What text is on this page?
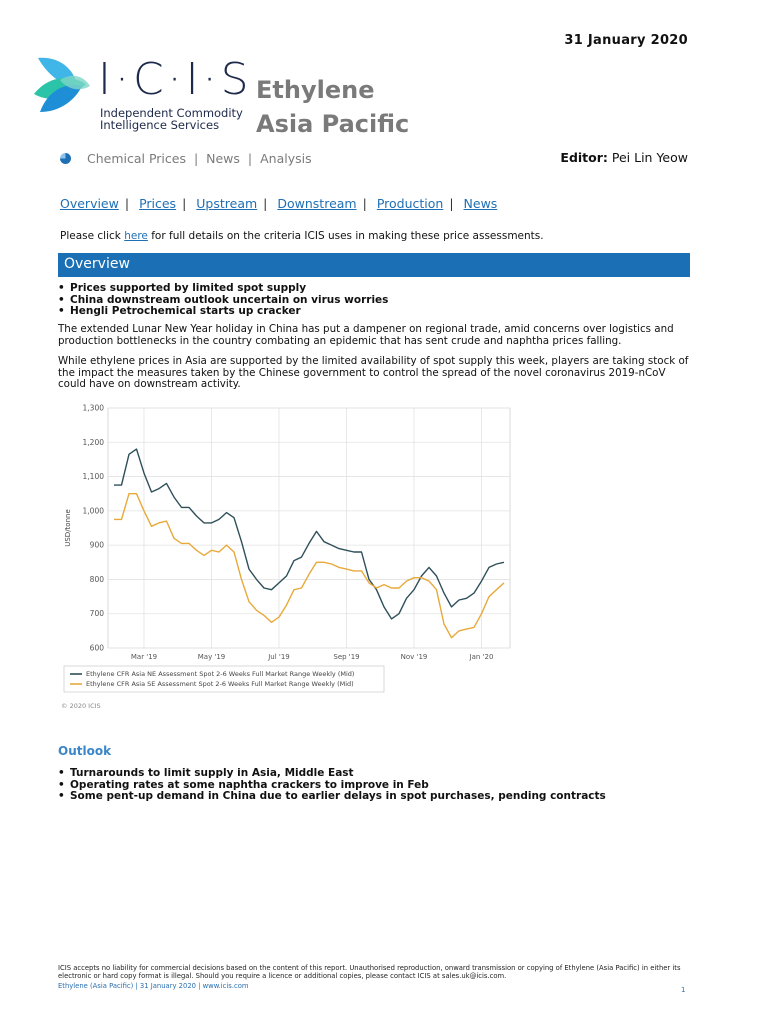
31 January 2020
I·C·I·S
Independent Commodity
Intelligence Services
Ethylene
Asia Pacific
Chemical Prices | News | Analysis	Editor: Pei Lin Yeow
Overview | Prices | Upstream | Downstream | Production | News
Please click here for full details on the criteria ICIS uses in making these price assessments.
Overview
• Prices supported by limited spot supply
• China downstream outlook uncertain on virus worries
• Hengli Petrochemical starts up cracker
The extended Lunar New Year holiday in China has put a dampener on regional trade, amid concerns over logistics and production bottlenecks in the country combating an epidemic that has sent crude and naphtha prices falling.
While ethylene prices in Asia are supported by the limited availability of spot supply this week, players are taking stock of the impact the measures taken by the Chinese government to control the spread of the novel coronavirus 2019-nCoV could have on downstream activity.
600
700
800
900
1,000
1,100
1,200
1,300
Mar '19	May '19	Jul '19	Sep '19	Nov '19	Jan '20
USD/tonne
Ethylene CFR Asia NE Assessment Spot 2-6 Weeks Full Market Range Weekly (Mid)
Ethylene CFR Asia SE Assessment Spot 2-6 Weeks Full Market Range Weekly (Mid)
© 2020 ICIS
Outlook
• Turnarounds to limit supply in Asia, Middle East
• Operating rates at some naphtha crackers to improve in Feb
• Some pent-up demand in China due to earlier delays in spot purchases, pending contracts
ICIS accepts no liability for commercial decisions based on the content of this report. Unauthorised reproduction, onward transmission or copying of Ethylene (Asia Pacific) in either its electronic or hard copy format is illegal. Should you require a licence or additional copies, please contact ICIS at sales.uk@icis.com.
Ethylene (Asia Pacific) | 31 January 2020 | www.icis.com	1
